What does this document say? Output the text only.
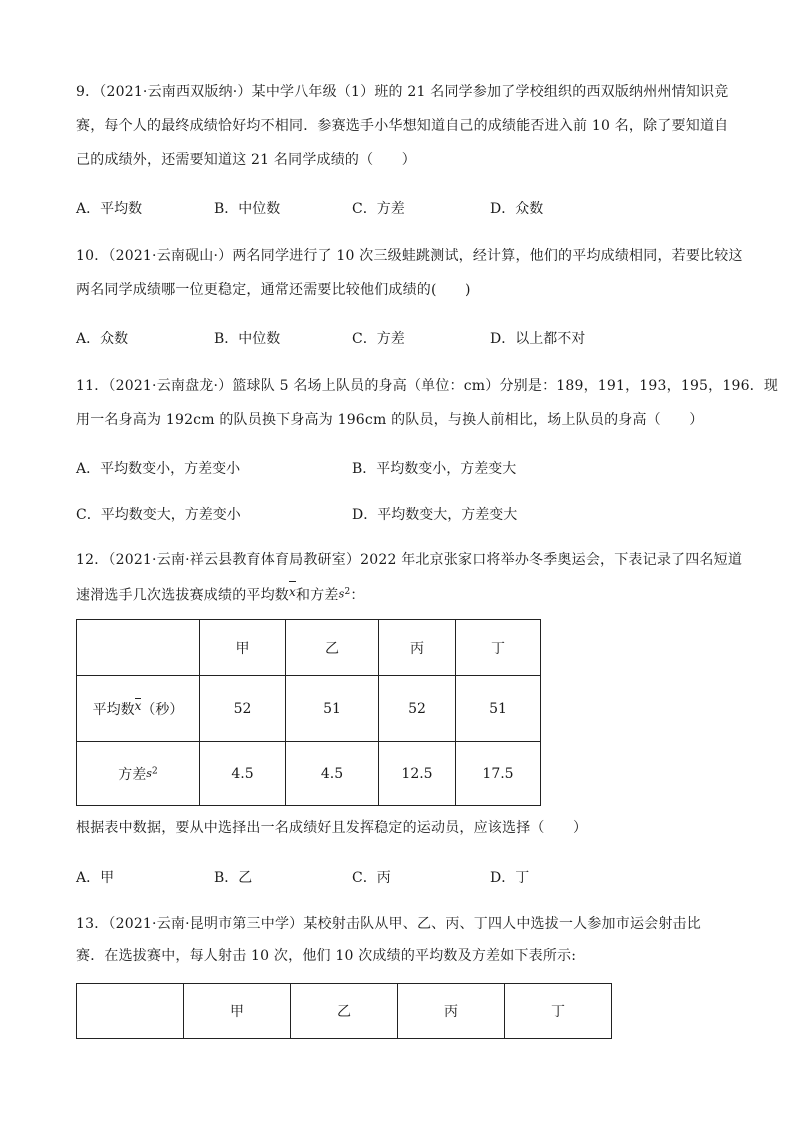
9．（2021·云南西双版纳·）某中学八年级（1）班的 21 名同学参加了学校组织的西双版纳州州情知识竞
赛，每个人的最终成绩恰好均不相同．参赛选手小华想知道自己的成绩能否进入前 10 名，除了要知道自
己的成绩外，还需要知道这 21 名同学成绩的（　　）
A．平均数	B．中位数	C．方差	D．众数
10．（2021·云南砚山·）两名同学进行了 10 次三级蛙跳测试，经计算，他们的平均成绩相同，若要比较这
两名同学成绩哪一位更稳定，通常还需要比较他们成绩的(　　)
A．众数	B．中位数	C．方差	D．以上都不对
11．（2021·云南盘龙·）篮球队 5 名场上队员的身高（单位：cm）分别是：189，191，193，195，196．现
用一名身高为 192cm 的队员换下身高为 196cm 的队员，与换人前相比，场上队员的身高（　　）
A．平均数变小，方差变小	B．平均数变小，方差变大
C．平均数变大，方差变小	D．平均数变大，方差变大
12．（2021·云南·祥云县教育体育局教研室）2022 年北京张家口将举办冬季奥运会，下表记录了四名短道
速滑选手几次选拔赛成绩的平均数x和方差$s^2$：
	甲	乙	丙	丁
平均数x（秒）	52	51	52	51
方差$s^2$	4.5	4.5	12.5	17.5
根据表中数据，要从中选择出一名成绩好且发挥稳定的运动员，应该选择（　　）
A．甲	B．乙	C．丙	D．丁
13．（2021·云南·昆明市第三中学）某校射击队从甲、乙、丙、丁四人中选拔一人参加市运会射击比
赛．在选拔赛中，每人射击 10 次，他们 10 次成绩的平均数及方差如下表所示:
	甲	乙	丙	丁
